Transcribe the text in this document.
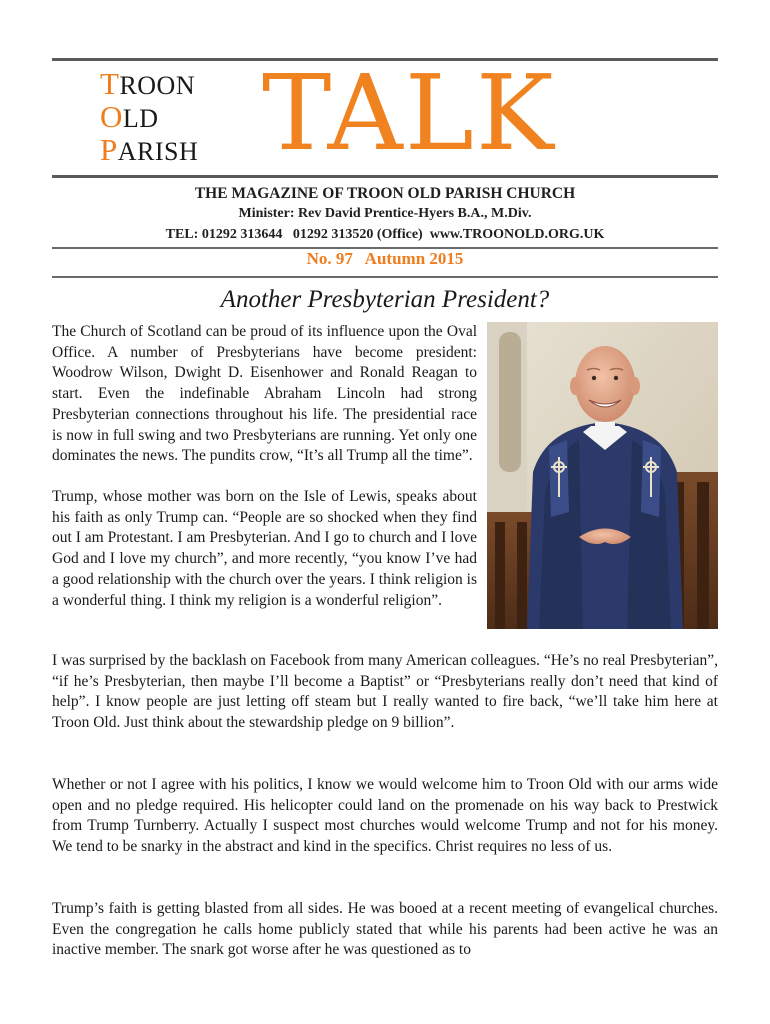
TROON
OLD
PARISH TALK
THE MAGAZINE OF TROON OLD PARISH CHURCH
Minister: Rev David Prentice-Hyers B.A., M.Div.
TEL: 01292 313644   01292 313520 (Office)  www.TROONOLD.ORG.UK
No. 97   Autumn 2015
Another Presbyterian President?

The Church of Scotland can be proud of its influence upon the Oval Office. A number of Presbyterians have become president: Woodrow Wilson, Dwight D. Eisenhower and Ronald Reagan to start. Even the indefinable Abraham Lincoln had strong Presbyterian connections throughout his life. The presidential race is now in full swing and two Presbyterians are running. Yet only one dominates the news. The pundits crow, “It’s all Trump all the time”.

Trump, whose mother was born on the Isle of Lewis, speaks about his faith as only Trump can. “People are so shocked when they find out I am Protestant. I am Presbyterian. And I go to church and I love God and I love my church”, and more recently, “you know I’ve had a good relationship with the church over the years. I think religion is a wonderful thing. I think my religion is a wonderful religion”.

I was surprised by the backlash on Facebook from many American colleagues. “He’s no real Presbyterian”, “if he’s Presbyterian, then maybe I’ll become a Baptist” or “Presbyterians really don’t need that kind of help”. I know people are just letting off steam but I really wanted to fire back, “we’ll take him here at Troon Old. Just think about the stewardship pledge on 9 billion”.

Whether or not I agree with his politics, I know we would welcome him to Troon Old with our arms wide open and no pledge required. His helicopter could land on the promenade on his way back to Prestwick from Trump Turnberry. Actually I suspect most churches would welcome Trump and not for his money. We tend to be snarky in the abstract and kind in the specifics. Christ requires no less of us.

Trump’s faith is getting blasted from all sides. He was booed at a recent meeting of evangelical churches. Even the congregation he calls home publicly stated that while his parents had been active he was an inactive member. The snark got worse after he was questioned as to
